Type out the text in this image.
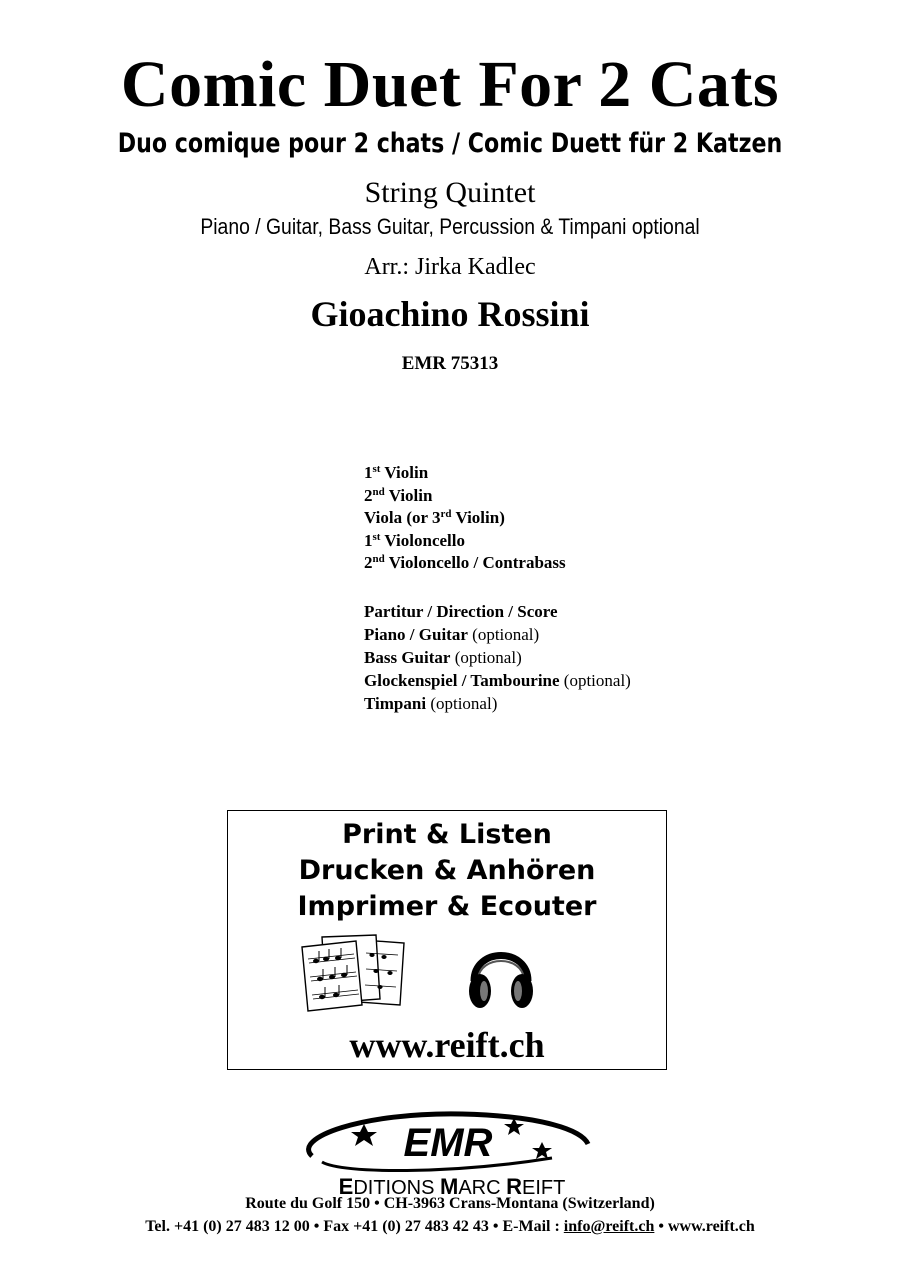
Comic Duet For 2 Cats
Duo comique pour 2 chats / Comic Duett für 2 Katzen
String Quintet
Piano / Guitar, Bass Guitar, Percussion & Timpani optional
Arr.: Jirka Kadlec
Gioachino Rossini
EMR 75313
1st Violin
2nd Violin
Viola (or 3rd Violin)
1st Violoncello
2nd Violoncello / Contrabass
Partitur / Direction / Score
Piano / Guitar (optional)
Bass Guitar (optional)
Glockenspiel / Tambourine (optional)
Timpani (optional)
Print & Listen
Drucken & Anhören
Imprimer & Ecouter
www.reift.ch
EMR
EDITIONS MARC REIFT
Route du Golf 150 • CH-3963 Crans-Montana (Switzerland)
Tel. +41 (0) 27 483 12 00 • Fax +41 (0) 27 483 42 43 • E-Mail : info@reift.ch • www.reift.ch
